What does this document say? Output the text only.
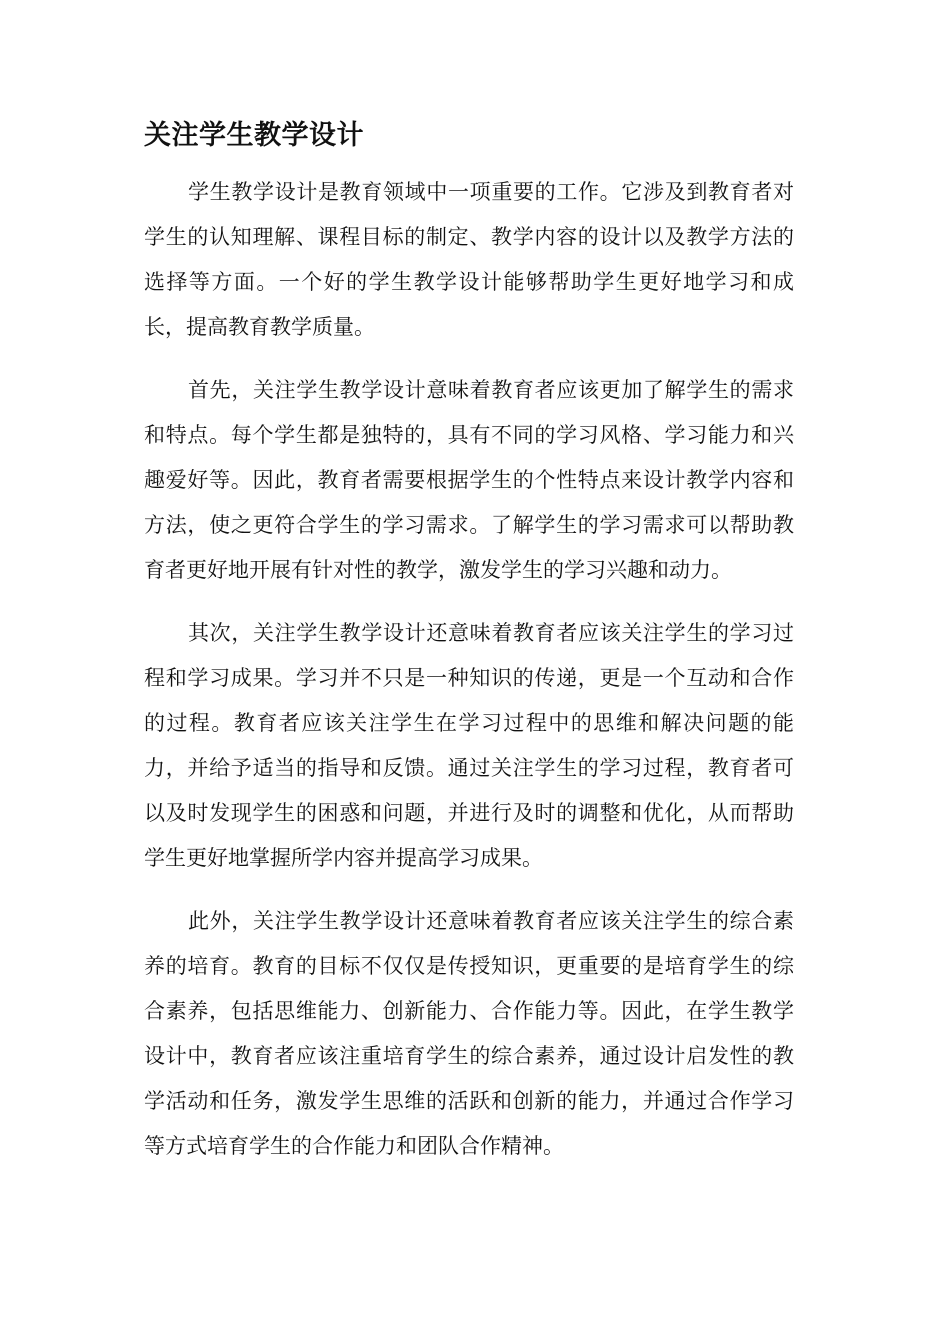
关注学生教学设计

学生教学设计是教育领域中一项重要的工作。它涉及到教育者对学生的认知理解、课程目标的制定、教学内容的设计以及教学方法的选择等方面。一个好的学生教学设计能够帮助学生更好地学习和成长，提高教育教学质量。

首先，关注学生教学设计意味着教育者应该更加了解学生的需求和特点。每个学生都是独特的，具有不同的学习风格、学习能力和兴趣爱好等。因此，教育者需要根据学生的个性特点来设计教学内容和方法，使之更符合学生的学习需求。了解学生的学习需求可以帮助教育者更好地开展有针对性的教学，激发学生的学习兴趣和动力。

其次，关注学生教学设计还意味着教育者应该关注学生的学习过程和学习成果。学习并不只是一种知识的传递，更是一个互动和合作的过程。教育者应该关注学生在学习过程中的思维和解决问题的能力，并给予适当的指导和反馈。通过关注学生的学习过程，教育者可以及时发现学生的困惑和问题，并进行及时的调整和优化，从而帮助学生更好地掌握所学内容并提高学习成果。

此外，关注学生教学设计还意味着教育者应该关注学生的综合素养的培育。教育的目标不仅仅是传授知识，更重要的是培育学生的综合素养，包括思维能力、创新能力、合作能力等。因此，在学生教学设计中，教育者应该注重培育学生的综合素养，通过设计启发性的教学活动和任务，激发学生思维的活跃和创新的能力，并通过合作学习等方式培育学生的合作能力和团队合作精神。
